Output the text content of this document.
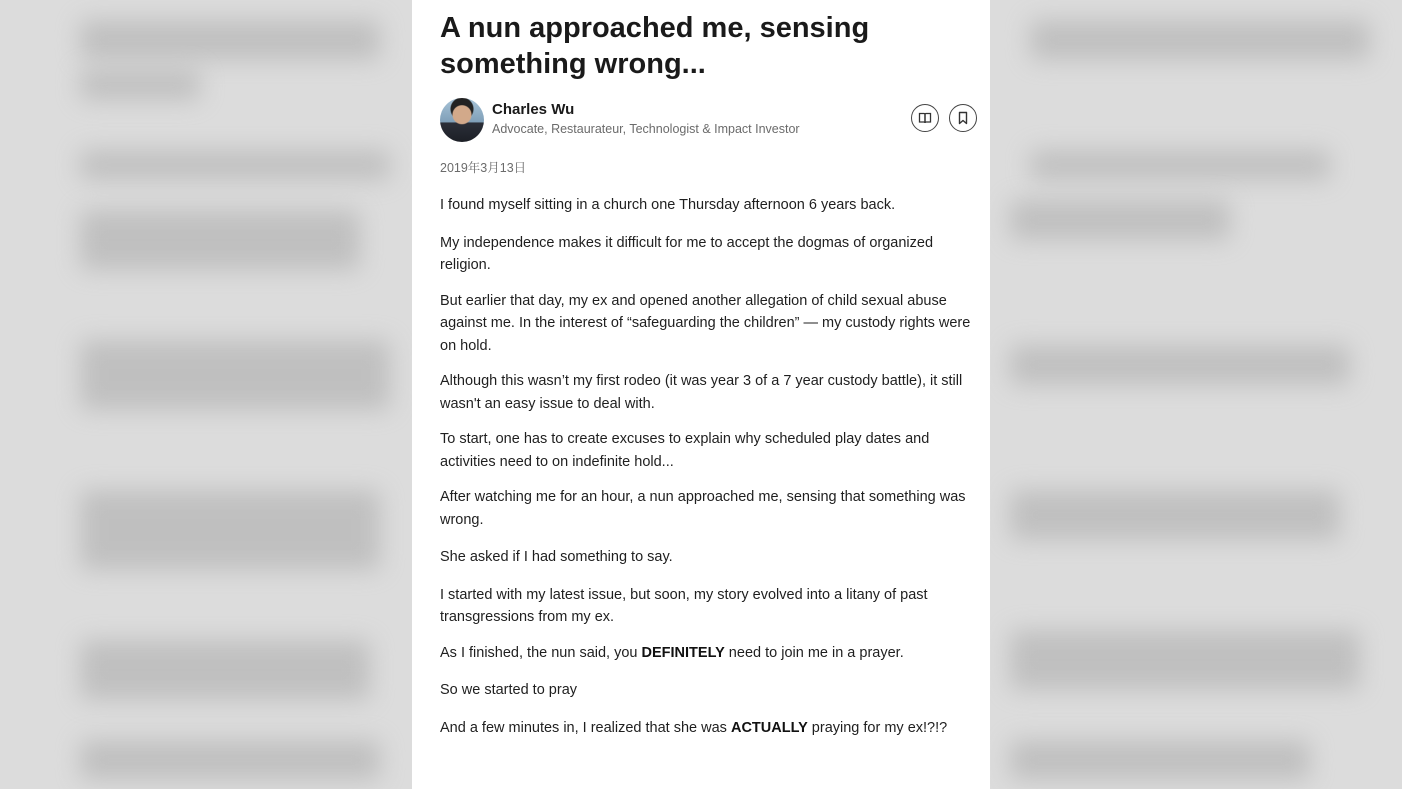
A nun approached me, sensing something wrong...
Charles Wu
Advocate, Restaurateur, Technologist & Impact Investor
2019年3月13日

I found myself sitting in a church one Thursday afternoon 6 years back.

My independence makes it difficult for me to accept the dogmas of organized religion.

But earlier that day, my ex and opened another allegation of child sexual abuse against me. In the interest of “safeguarding the children” — my custody rights were on hold.

Although this wasn’t my first rodeo (it was year 3 of a 7 year custody battle), it still wasn't an easy issue to deal with.

To start, one has to create excuses to explain why scheduled play dates and activities need to on indefinite hold...

After watching me for an hour, a nun approached me, sensing that something was wrong.

She asked if I had something to say.

I started with my latest issue, but soon, my story evolved into a litany of past transgressions from my ex.

As I finished, the nun said, you DEFINITELY need to join me in a prayer.

So we started to pray

And a few minutes in, I realized that she was ACTUALLY praying for my ex!?!?
